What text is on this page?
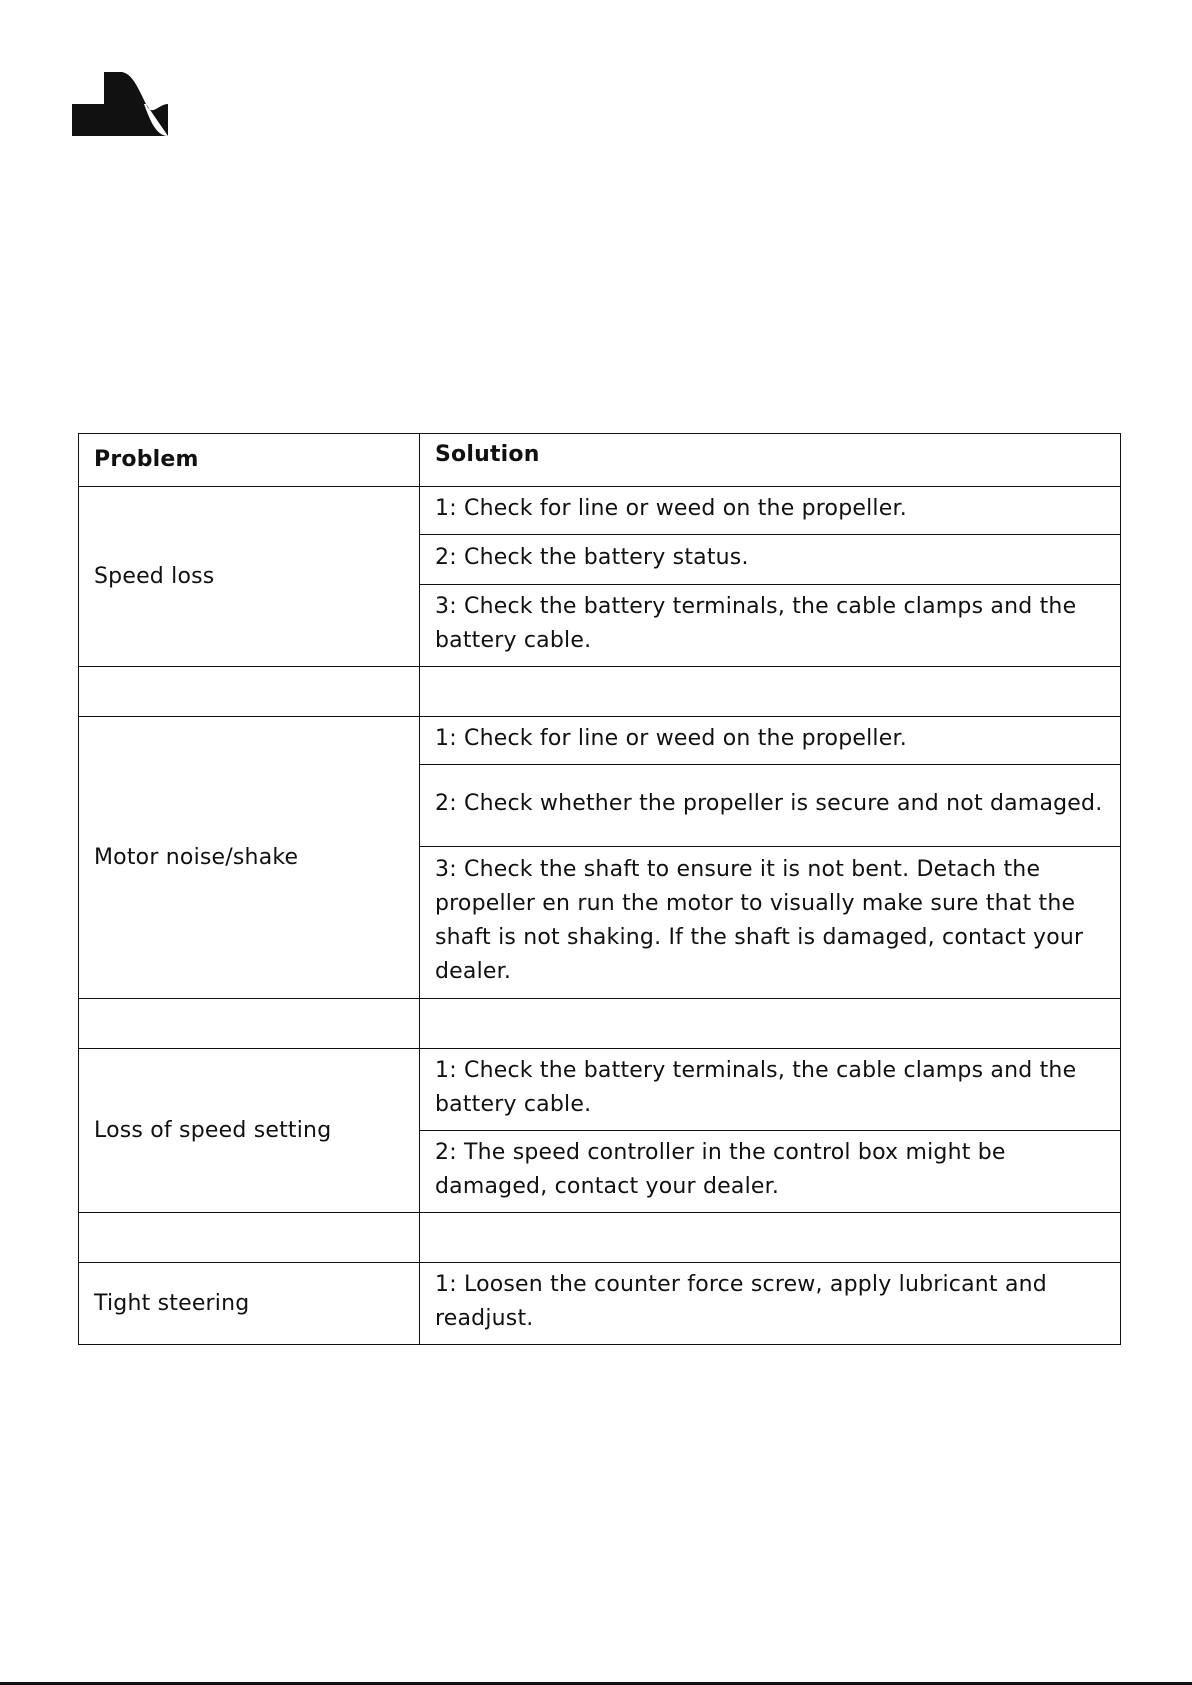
Problem	Solution
Speed loss	1: Check for line or weed on the propeller.
	2: Check the battery status.
	3: Check the battery terminals, the cable clamps and the battery cable.

Motor noise/shake	1: Check for line or weed on the propeller.
	2: Check whether the propeller is secure and not damaged.
	3: Check the shaft to ensure it is not bent. Detach the propeller en run the motor to visually make sure that the shaft is not shaking. If the shaft is damaged, contact your dealer.

Loss of speed setting	1: Check the battery terminals, the cable clamps and the battery cable.
	2: The speed controller in the control box might be damaged, contact your dealer.

Tight steering	1: Loosen the counter force screw, apply lubricant and readjust.
